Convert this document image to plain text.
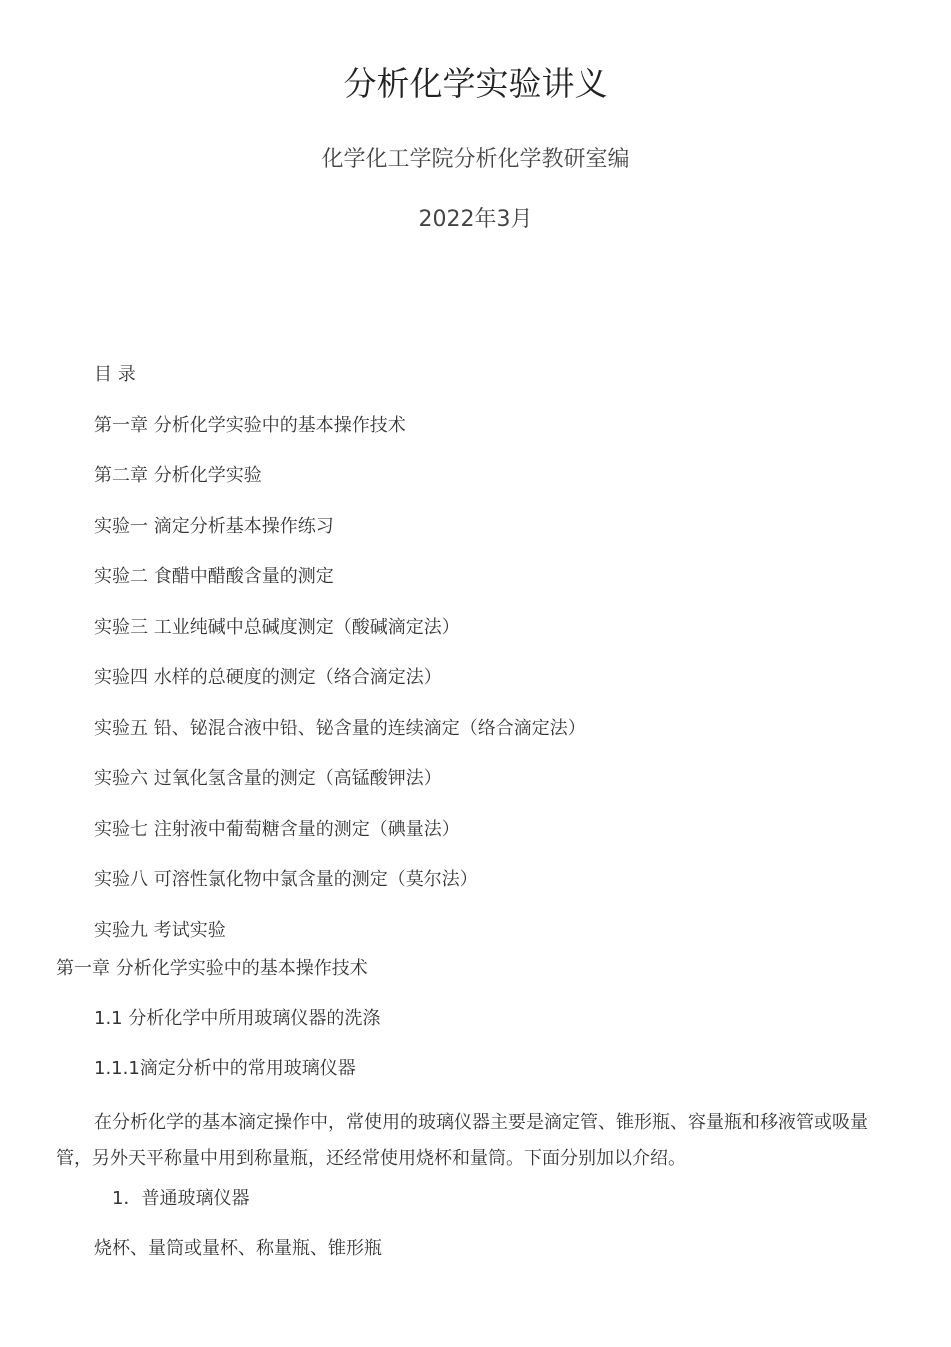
分析化学实验讲义
化学化工学院分析化学教研室编
2022年3月
目 录
第一章 分析化学实验中的基本操作技术
第二章 分析化学实验
实验一 滴定分析基本操作练习
实验二 食醋中醋酸含量的测定
实验三 工业纯碱中总碱度测定（酸碱滴定法）
实验四 水样的总硬度的测定（络合滴定法）
实验五 铅、铋混合液中铅、铋含量的连续滴定（络合滴定法）
实验六 过氧化氢含量的测定（高锰酸钾法）
实验七 注射液中葡萄糖含量的测定（碘量法）
实验八 可溶性氯化物中氯含量的测定（莫尔法）
实验九 考试实验
第一章 分析化学实验中的基本操作技术
1.1 分析化学中所用玻璃仪器的洗涤
1.1.1滴定分析中的常用玻璃仪器

在分析化学的基本滴定操作中，常使用的玻璃仪器主要是滴定管、锥形瓶、容量瓶和移液管或吸量管，另外天平称量中用到称量瓶，还经常使用烧杯和量筒。下面分别加以介绍。

1．普通玻璃仪器
烧杯、量筒或量杯、称量瓶、锥形瓶
